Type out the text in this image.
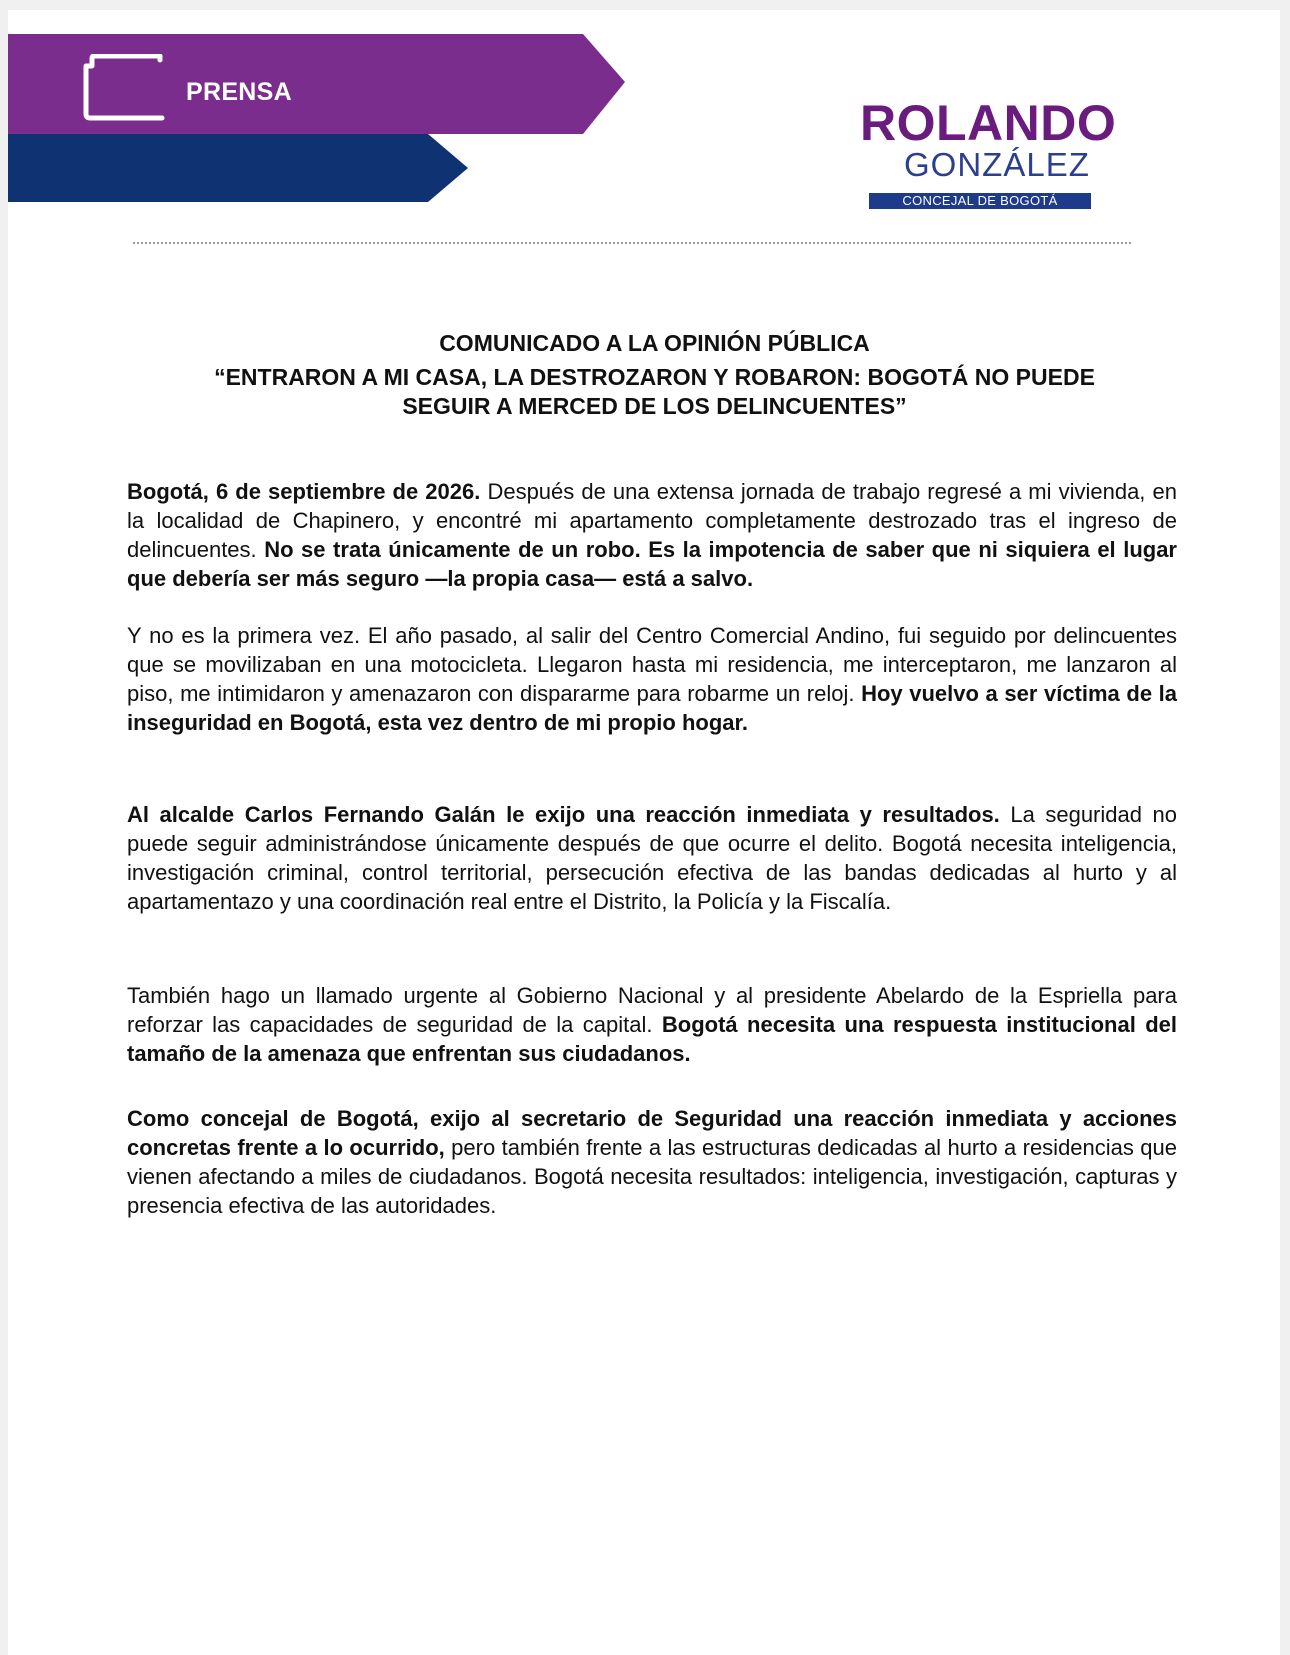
PRENSA
ROLANDO
GONZÁLEZ
CONCEJAL DE BOGOTÁ
COMUNICADO A LA OPINIÓN PÚBLICA
“ENTRARON A MI CASA, LA DESTROZARON Y ROBARON: BOGOTÁ NO PUEDE
SEGUIR A MERCED DE LOS DELINCUENTES”

Bogotá, 6 de septiembre de 2026. Después de una extensa jornada de trabajo regresé a mi vivienda, en la localidad de Chapinero, y encontré mi apartamento completamente destrozado tras el ingreso de delincuentes. No se trata únicamente de un robo. Es la impotencia de saber que ni siquiera el lugar que debería ser más seguro —la propia casa— está a salvo.

Y no es la primera vez. El año pasado, al salir del Centro Comercial Andino, fui seguido por delincuentes que se movilizaban en una motocicleta. Llegaron hasta mi residencia, me interceptaron, me lanzaron al piso, me intimidaron y amenazaron con dispararme para robarme un reloj. Hoy vuelvo a ser víctima de la inseguridad en Bogotá, esta vez dentro de mi propio hogar.

Al alcalde Carlos Fernando Galán le exijo una reacción inmediata y resultados. La seguridad no puede seguir administrándose únicamente después de que ocurre el delito. Bogotá necesita inteligencia, investigación criminal, control territorial, persecución efectiva de las bandas dedicadas al hurto y al apartamentazo y una coordinación real entre el Distrito, la Policía y la Fiscalía.

También hago un llamado urgente al Gobierno Nacional y al presidente Abelardo de la Espriella para reforzar las capacidades de seguridad de la capital. Bogotá necesita una respuesta institucional del tamaño de la amenaza que enfrentan sus ciudadanos.

Como concejal de Bogotá, exijo al secretario de Seguridad una reacción inmediata y acciones concretas frente a lo ocurrido, pero también frente a las estructuras dedicadas al hurto a residencias que vienen afectando a miles de ciudadanos. Bogotá necesita resultados: inteligencia, investigación, capturas y presencia efectiva de las autoridades.
